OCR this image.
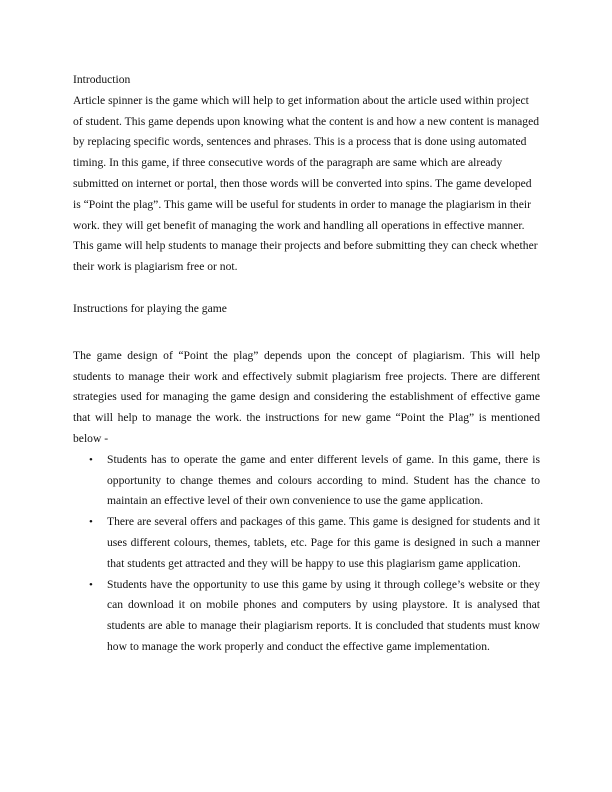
Introduction

Article spinner is the game which will help to get information about the article used within project of student. This game depends upon knowing what the content is and how a new content is managed by replacing specific words, sentences and phrases. This is a process that is done using automated timing. In this game, if three consecutive words of the paragraph are same which are already submitted on internet or portal, then those words will be converted into spins. The game developed is “Point the plag”. This game will be useful for students in order to manage the plagiarism in their work. they will get benefit of managing the work and handling all operations in effective manner. This game will help students to manage their projects and before submitting they can check whether their work is plagiarism free or not.

Instructions for playing the game

The game design of “Point the plag” depends upon the concept of plagiarism. This will help students to manage their work and effectively submit plagiarism free projects. There are different strategies used for managing the game design and considering the establishment of effective game that will help to manage the work. the instructions for new game “Point the Plag” is mentioned below -

• Students has to operate the game and enter different levels of game. In this game, there is opportunity to change themes and colours according to mind. Student has the chance to maintain an effective level of their own convenience to use the game application.
• There are several offers and packages of this game. This game is designed for students and it uses different colours, themes, tablets, etc. Page for this game is designed in such a manner that students get attracted and they will be happy to use this plagiarism game application.
• Students have the opportunity to use this game by using it through college’s website or they can download it on mobile phones and computers by using playstore. It is analysed that students are able to manage their plagiarism reports. It is concluded that students must know how to manage the work properly and conduct the effective game implementation.
